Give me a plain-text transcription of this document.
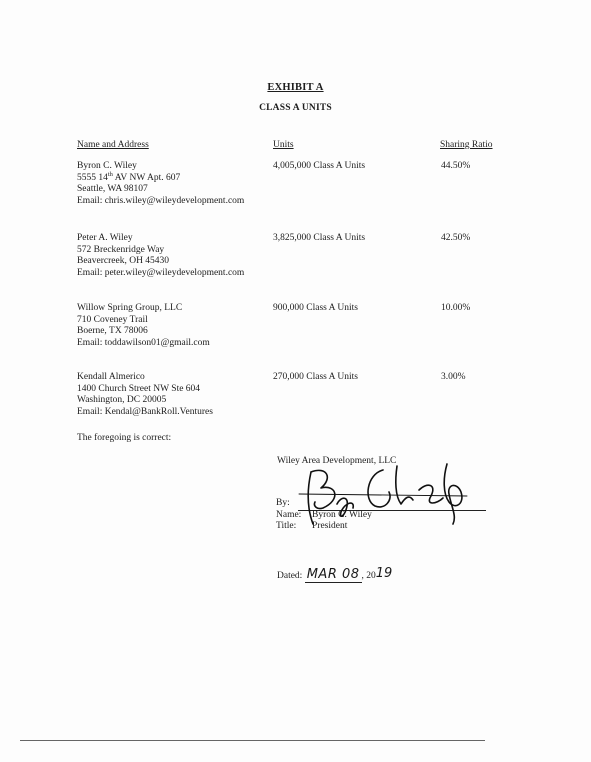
EXHIBIT A
CLASS A UNITS
Name and Address	Units	Sharing Ratio
Byron C. Wiley
5555 14th AV NW Apt. 607
Seattle, WA 98107
Email: chris.wiley@wileydevelopment.com
4,005,000 Class A Units	44.50%
Peter A. Wiley
572 Breckenridge Way
Beavercreek, OH 45430
Email: peter.wiley@wileydevelopment.com
3,825,000 Class A Units	42.50%
Willow Spring Group, LLC
710 Coveney Trail
Boerne, TX 78006
Email: toddawilson01@gmail.com
900,000 Class A Units	10.00%
Kendall Almerico
1400 Church Street NW Ste 604
Washington, DC 20005
Email: Kendal@BankRoll.Ventures
270,000 Class A Units	3.00%
The foregoing is correct:
Wiley Area Development, LLC
By:
Name: Byron C. Wiley
Title: President
Dated: MAR 08 , 2019
